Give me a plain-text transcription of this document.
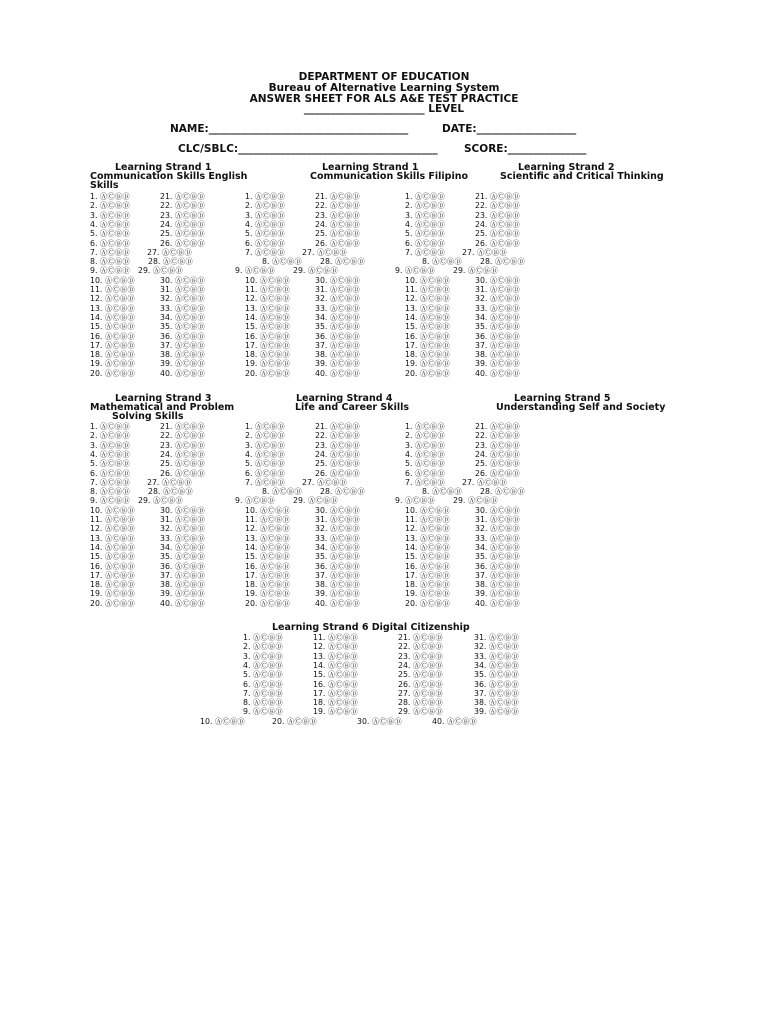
DEPARTMENT OF EDUCATION
Bureau of Alternative Learning System
ANSWER SHEET FOR ALS A&E TEST PRACTICE
_______________________ LEVEL
NAME:______________________________________	DATE:___________________
CLC/SBLC:______________________________________	SCORE:_______________
Learning Strand 1
Communication Skills English
Skills
Learning Strand 1
Communication Skills Filipino
Learning Strand 2
Scientific and Critical Thinking
Learning Strand 3
Mathematical and Problem
Solving Skills
Learning Strand 4
Life and Career Skills
Learning Strand 5
Understanding Self and Society
Learning Strand 6 Digital Citizenship
1. ⒶⒸⒷⒹ	21. ⒶⒸⒷⒹ
2. ⒶⒸⒷⒹ	22. ⒶⒸⒷⒹ
3. ⒶⒸⒷⒹ	23. ⒶⒸⒷⒹ
4. ⒶⒸⒷⒹ	24. ⒶⒸⒷⒹ
5. ⒶⒸⒷⒹ	25. ⒶⒸⒷⒹ
6. ⒶⒸⒷⒹ	26. ⒶⒸⒷⒹ
7. ⒶⒸⒷⒹ 27. ⒶⒸⒷⒹ
8. ⒶⒸⒷⒹ 28. ⒶⒸⒷⒹ
9. ⒶⒸⒷⒹ 29. ⒶⒸⒷⒹ
10. ⒶⒸⒷⒹ	30. ⒶⒸⒷⒹ
11. ⒶⒸⒷⒹ	31. ⒶⒸⒷⒹ
12. ⒶⒸⒷⒹ	32. ⒶⒸⒷⒹ
13. ⒶⒸⒷⒹ	33. ⒶⒸⒷⒹ
14. ⒶⒸⒷⒹ	34. ⒶⒸⒷⒹ
15. ⒶⒸⒷⒹ	35. ⒶⒸⒷⒹ
16. ⒶⒸⒷⒹ	36. ⒶⒸⒷⒹ
17. ⒶⒸⒷⒹ	37. ⒶⒸⒷⒹ
18. ⒶⒸⒷⒹ	38. ⒶⒸⒷⒹ
19. ⒶⒸⒷⒹ	39. ⒶⒸⒷⒹ
20. ⒶⒸⒷⒹ	40. ⒶⒸⒷⒹ
1. ⒶⒸⒷⒹ	21. ⒶⒸⒷⒹ
2. ⒶⒸⒷⒹ	22. ⒶⒸⒷⒹ
3. ⒶⒸⒷⒹ	23. ⒶⒸⒷⒹ
4. ⒶⒸⒷⒹ	24. ⒶⒸⒷⒹ
5. ⒶⒸⒷⒹ	25. ⒶⒸⒷⒹ
6. ⒶⒸⒷⒹ	26. ⒶⒸⒷⒹ
7. ⒶⒸⒷⒹ 27. ⒶⒸⒷⒹ
8. ⒶⒸⒷⒹ 28. ⒶⒸⒷⒹ
9. ⒶⒸⒷⒹ 29. ⒶⒸⒷⒹ
10. ⒶⒸⒷⒹ	30. ⒶⒸⒷⒹ
11. ⒶⒸⒷⒹ	31. ⒶⒸⒷⒹ
12. ⒶⒸⒷⒹ	32. ⒶⒸⒷⒹ
13. ⒶⒸⒷⒹ	33. ⒶⒸⒷⒹ
14. ⒶⒸⒷⒹ	34. ⒶⒸⒷⒹ
15. ⒶⒸⒷⒹ	35. ⒶⒸⒷⒹ
16. ⒶⒸⒷⒹ	36. ⒶⒸⒷⒹ
17. ⒶⒸⒷⒹ	37. ⒶⒸⒷⒹ
18. ⒶⒸⒷⒹ	38. ⒶⒸⒷⒹ
19. ⒶⒸⒷⒹ	39. ⒶⒸⒷⒹ
20. ⒶⒸⒷⒹ	40. ⒶⒸⒷⒹ
1. ⒶⒸⒷⒹ	21. ⒶⒸⒷⒹ
2. ⒶⒸⒷⒹ	22. ⒶⒸⒷⒹ
3. ⒶⒸⒷⒹ	23. ⒶⒸⒷⒹ
4. ⒶⒸⒷⒹ	24. ⒶⒸⒷⒹ
5. ⒶⒸⒷⒹ	25. ⒶⒸⒷⒹ
6. ⒶⒸⒷⒹ	26. ⒶⒸⒷⒹ
7. ⒶⒸⒷⒹ 27. ⒶⒸⒷⒹ
8. ⒶⒸⒷⒹ 28. ⒶⒸⒷⒹ
9. ⒶⒸⒷⒹ 29. ⒶⒸⒷⒹ
10. ⒶⒸⒷⒹ	30. ⒶⒸⒷⒹ
11. ⒶⒸⒷⒹ	31. ⒶⒸⒷⒹ
12. ⒶⒸⒷⒹ	32. ⒶⒸⒷⒹ
13. ⒶⒸⒷⒹ	33. ⒶⒸⒷⒹ
14. ⒶⒸⒷⒹ	34. ⒶⒸⒷⒹ
15. ⒶⒸⒷⒹ	35. ⒶⒸⒷⒹ
16. ⒶⒸⒷⒹ	36. ⒶⒸⒷⒹ
17. ⒶⒸⒷⒹ	37. ⒶⒸⒷⒹ
18. ⒶⒸⒷⒹ	38. ⒶⒸⒷⒹ
19. ⒶⒸⒷⒹ	39. ⒶⒸⒷⒹ
20. ⒶⒸⒷⒹ	40. ⒶⒸⒷⒹ
1. ⒶⒸⒷⒹ	21. ⒶⒸⒷⒹ
2. ⒶⒸⒷⒹ	22. ⒶⒸⒷⒹ
3. ⒶⒸⒷⒹ	23. ⒶⒸⒷⒹ
4. ⒶⒸⒷⒹ	24. ⒶⒸⒷⒹ
5. ⒶⒸⒷⒹ	25. ⒶⒸⒷⒹ
6. ⒶⒸⒷⒹ	26. ⒶⒸⒷⒹ
7. ⒶⒸⒷⒹ 27. ⒶⒸⒷⒹ
8. ⒶⒸⒷⒹ 28. ⒶⒸⒷⒹ
9. ⒶⒸⒷⒹ 29. ⒶⒸⒷⒹ
10. ⒶⒸⒷⒹ	30. ⒶⒸⒷⒹ
11. ⒶⒸⒷⒹ	31. ⒶⒸⒷⒹ
12. ⒶⒸⒷⒹ	32. ⒶⒸⒷⒹ
13. ⒶⒸⒷⒹ	33. ⒶⒸⒷⒹ
14. ⒶⒸⒷⒹ	34. ⒶⒸⒷⒹ
15. ⒶⒸⒷⒹ	35. ⒶⒸⒷⒹ
16. ⒶⒸⒷⒹ	36. ⒶⒸⒷⒹ
17. ⒶⒸⒷⒹ	37. ⒶⒸⒷⒹ
18. ⒶⒸⒷⒹ	38. ⒶⒸⒷⒹ
19. ⒶⒸⒷⒹ	39. ⒶⒸⒷⒹ
20. ⒶⒸⒷⒹ	40. ⒶⒸⒷⒹ
1. ⒶⒸⒷⒹ	21. ⒶⒸⒷⒹ
2. ⒶⒸⒷⒹ	22. ⒶⒸⒷⒹ
3. ⒶⒸⒷⒹ	23. ⒶⒸⒷⒹ
4. ⒶⒸⒷⒹ	24. ⒶⒸⒷⒹ
5. ⒶⒸⒷⒹ	25. ⒶⒸⒷⒹ
6. ⒶⒸⒷⒹ	26. ⒶⒸⒷⒹ
7. ⒶⒸⒷⒹ 27. ⒶⒸⒷⒹ
8. ⒶⒸⒷⒹ 28. ⒶⒸⒷⒹ
9. ⒶⒸⒷⒹ 29. ⒶⒸⒷⒹ
10. ⒶⒸⒷⒹ	30. ⒶⒸⒷⒹ
11. ⒶⒸⒷⒹ	31. ⒶⒸⒷⒹ
12. ⒶⒸⒷⒹ	32. ⒶⒸⒷⒹ
13. ⒶⒸⒷⒹ	33. ⒶⒸⒷⒹ
14. ⒶⒸⒷⒹ	34. ⒶⒸⒷⒹ
15. ⒶⒸⒷⒹ	35. ⒶⒸⒷⒹ
16. ⒶⒸⒷⒹ	36. ⒶⒸⒷⒹ
17. ⒶⒸⒷⒹ	37. ⒶⒸⒷⒹ
18. ⒶⒸⒷⒹ	38. ⒶⒸⒷⒹ
19. ⒶⒸⒷⒹ	39. ⒶⒸⒷⒹ
20. ⒶⒸⒷⒹ	40. ⒶⒸⒷⒹ
1. ⒶⒸⒷⒹ	21. ⒶⒸⒷⒹ
2. ⒶⒸⒷⒹ	22. ⒶⒸⒷⒹ
3. ⒶⒸⒷⒹ	23. ⒶⒸⒷⒹ
4. ⒶⒸⒷⒹ	24. ⒶⒸⒷⒹ
5. ⒶⒸⒷⒹ	25. ⒶⒸⒷⒹ
6. ⒶⒸⒷⒹ	26. ⒶⒸⒷⒹ
7. ⒶⒸⒷⒹ 27. ⒶⒸⒷⒹ
8. ⒶⒸⒷⒹ 28. ⒶⒸⒷⒹ
9. ⒶⒸⒷⒹ 29. ⒶⒸⒷⒹ
10. ⒶⒸⒷⒹ	30. ⒶⒸⒷⒹ
11. ⒶⒸⒷⒹ	31. ⒶⒸⒷⒹ
12. ⒶⒸⒷⒹ	32. ⒶⒸⒷⒹ
13. ⒶⒸⒷⒹ	33. ⒶⒸⒷⒹ
14. ⒶⒸⒷⒹ	34. ⒶⒸⒷⒹ
15. ⒶⒸⒷⒹ	35. ⒶⒸⒷⒹ
16. ⒶⒸⒷⒹ	36. ⒶⒸⒷⒹ
17. ⒶⒸⒷⒹ	37. ⒶⒸⒷⒹ
18. ⒶⒸⒷⒹ	38. ⒶⒸⒷⒹ
19. ⒶⒸⒷⒹ	39. ⒶⒸⒷⒹ
20. ⒶⒸⒷⒹ	40. ⒶⒸⒷⒹ
1. ⒶⒸⒷⒹ	11. ⒶⒸⒷⒹ	21. ⒶⒸⒷⒹ	31. ⒶⒸⒷⒹ
2. ⒶⒸⒷⒹ	12. ⒶⒸⒷⒹ	22. ⒶⒸⒷⒹ	32. ⒶⒸⒷⒹ
3. ⒶⒸⒷⒹ	13. ⒶⒸⒷⒹ	23. ⒶⒸⒷⒹ	33. ⒶⒸⒷⒹ
4. ⒶⒸⒷⒹ	14. ⒶⒸⒷⒹ	24. ⒶⒸⒷⒹ	34. ⒶⒸⒷⒹ
5. ⒶⒸⒷⒹ	15. ⒶⒸⒷⒹ	25. ⒶⒸⒷⒹ	35. ⒶⒸⒷⒹ
6. ⒶⒸⒷⒹ	16. ⒶⒸⒷⒹ	26. ⒶⒸⒷⒹ	36. ⒶⒸⒷⒹ
7. ⒶⒸⒷⒹ	17. ⒶⒸⒷⒹ	27. ⒶⒸⒷⒹ	37. ⒶⒸⒷⒹ
8. ⒶⒸⒷⒹ	18. ⒶⒸⒷⒹ	28. ⒶⒸⒷⒹ	38. ⒶⒸⒷⒹ
9. ⒶⒸⒷⒹ	19. ⒶⒸⒷⒹ	29. ⒶⒸⒷⒹ	39. ⒶⒸⒷⒹ
10. ⒶⒸⒷⒹ	20. ⒶⒸⒷⒹ	30. ⒶⒸⒷⒹ	40. ⒶⒸⒷⒹ
